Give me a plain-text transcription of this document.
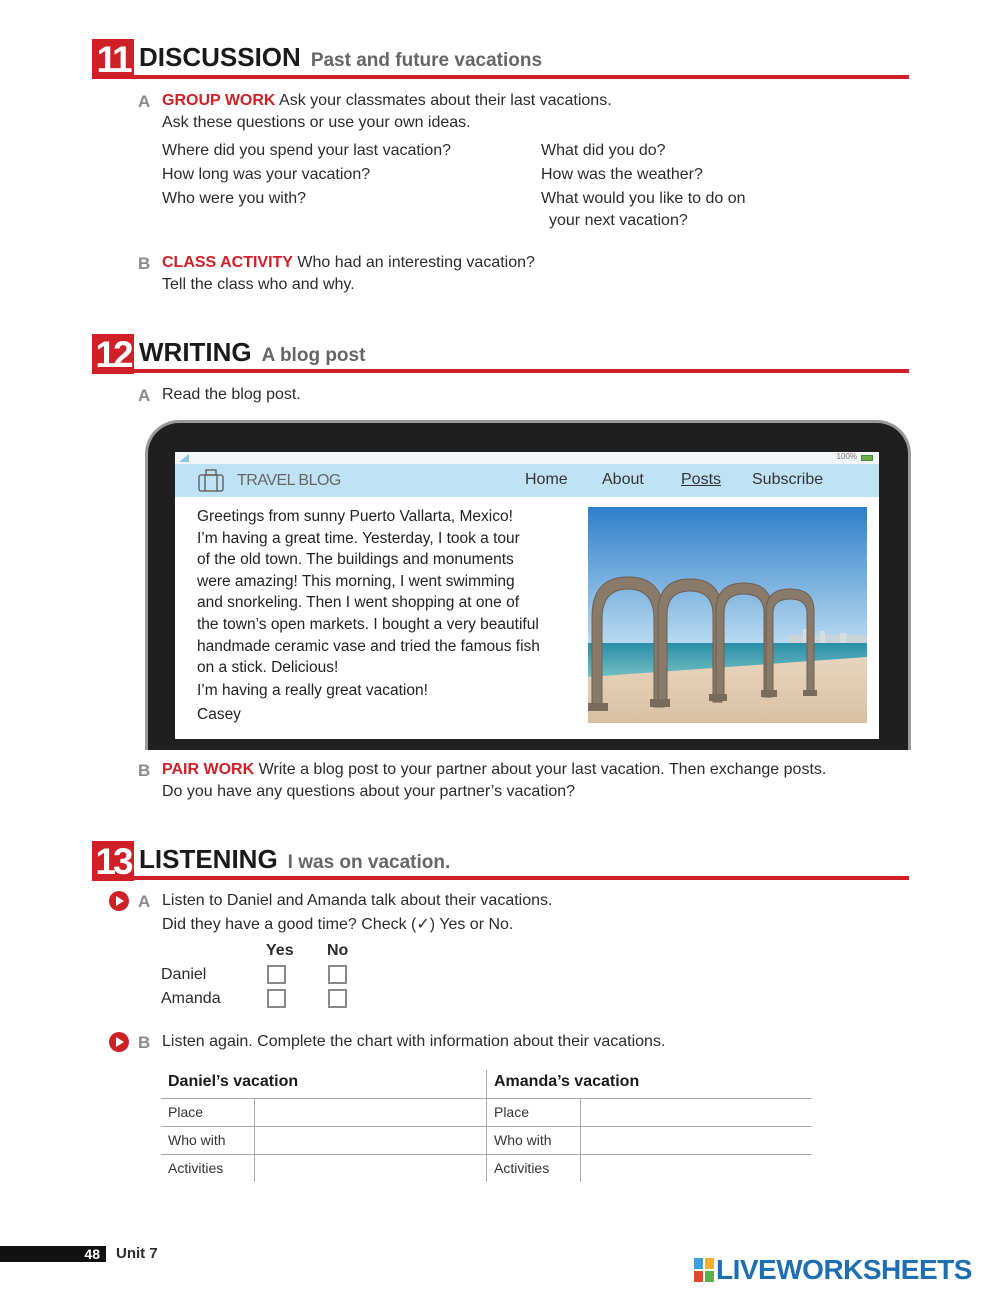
11 DISCUSSION Past and future vacations
A GROUP WORK Ask your classmates about their last vacations.
Ask these questions or use your own ideas.
Where did you spend your last vacation?
How long was your vacation?
Who were you with?
What did you do?
How was the weather?
What would you like to do on
your next vacation?
B CLASS ACTIVITY Who had an interesting vacation?
Tell the class who and why.
12 WRITING A blog post
A Read the blog post.
100%
TRAVEL BLOG	Home About Posts Subscribe
Greetings from sunny Puerto Vallarta, Mexico!
I’m having a great time. Yesterday, I took a tour
of the old town. The buildings and monuments
were amazing! This morning, I went swimming
and snorkeling. Then I went shopping at one of
the town’s open markets. I bought a very beautiful
handmade ceramic vase and tried the famous fish
on a stick. Delicious!
I’m having a really great vacation!
Casey
B PAIR WORK Write a blog post to your partner about your last vacation. Then exchange posts.
Do you have any questions about your partner’s vacation?
13 LISTENING I was on vacation.
A Listen to Daniel and Amanda talk about their vacations.
Did they have a good time? Check (✓) Yes or No.
Yes No
Daniel
Amanda
B Listen again. Complete the chart with information about their vacations.
Daniel’s vacation		Amanda’s vacation	
Place		Place	
Who with		Who with	
Activities		Activities	
48 Unit 7
LIVEWORKSHEETS
